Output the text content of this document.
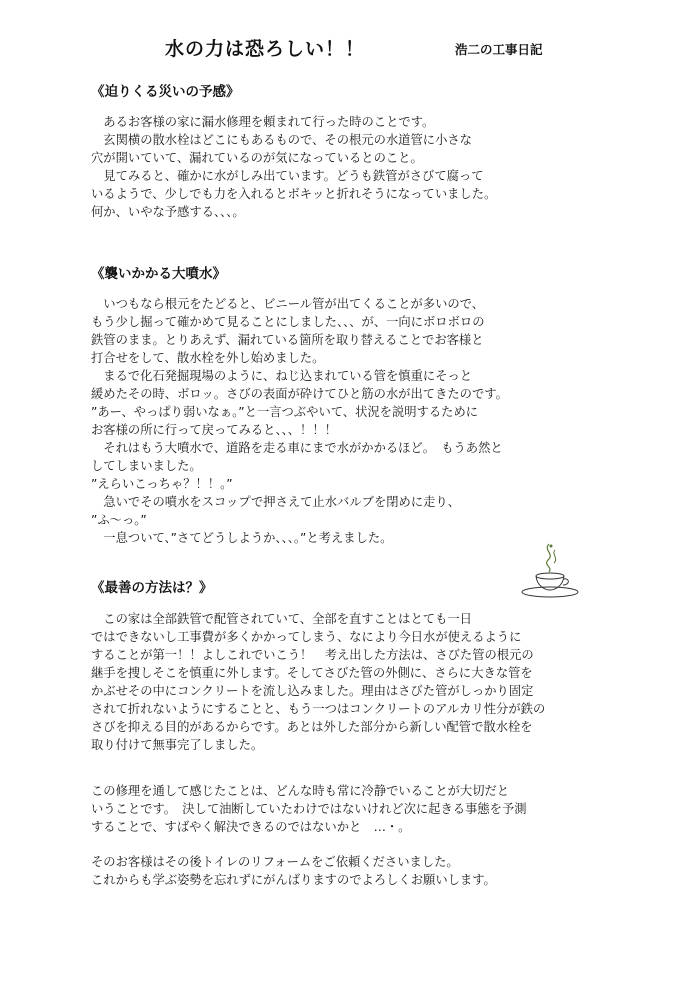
水の力は恐ろしい！！	浩二の工事日記
《迫りくる災いの予感》
　あるお客様の家に漏水修理を頼まれて行った時のことです。
　玄関横の散水栓はどこにもあるもので、その根元の水道管に小さな
穴が開いていて、漏れているのが気になっているとのこと。
　見てみると、確かに水がしみ出ています。どうも鉄管がさびて腐って
いるようで、少しでも力を入れるとボキッと折れそうになっていました。
何か、いやな予感する、、、。
《襲いかかる大噴水》
　いつもなら根元をたどると、ビニール管が出てくることが多いので、
もう少し掘って確かめて見ることにしました、、、が、一向にボロボロの
鉄管のまま。とりあえず、漏れている箇所を取り替えることでお客様と
打合せをして、散水栓を外し始めました。
　まるで化石発掘現場のように、ねじ込まれている管を慎重にそっと
緩めたその時、ボロッ。さびの表面が砕けてひと筋の水が出てきたのです。
”あー、やっぱり弱いなぁ。”と一言つぶやいて、状況を説明するために
お客様の所に行って戻ってみると、、、！！！
　それはもう大噴水で、道路を走る車にまで水がかかるほど。　もうあ然と
してしまいました。
”えらいこっちゃ？！！。”
　急いでその噴水をスコップで押さえて止水バルブを閉めに走り、
”ふ〜っ。”
　一息ついて、”さてどうしようか、、、。”と考えました。
《最善の方法は？》
　この家は全部鉄管で配管されていて、全部を直すことはとても一日
ではできないし工事費が多くかかってしまう、なにより今日水が使えるように
することが第一！！よしこれでいこう！　考え出した方法は、さびた管の根元の
継手を捜しそこを慎重に外します。そしてさびた管の外側に、さらに大きな管を
かぶせその中にコンクリートを流し込みました。理由はさびた管がしっかり固定
されて折れないようにすることと、もう一つはコンクリートのアルカリ性分が鉄の
さびを抑える目的があるからです。あとは外した部分から新しい配管で散水栓を
取り付けて無事完了しました。
この修理を通して感じたことは、どんな時も常に冷静でいることが大切だと
いうことです。　決して油断していたわけではないけれど次に起きる事態を予測
することで、すばやく解決できるのではないかと　…・。
そのお客様はその後トイレのリフォームをご依頼くださいました。
これからも学ぶ姿勢を忘れずにがんばりますのでよろしくお願いします。
